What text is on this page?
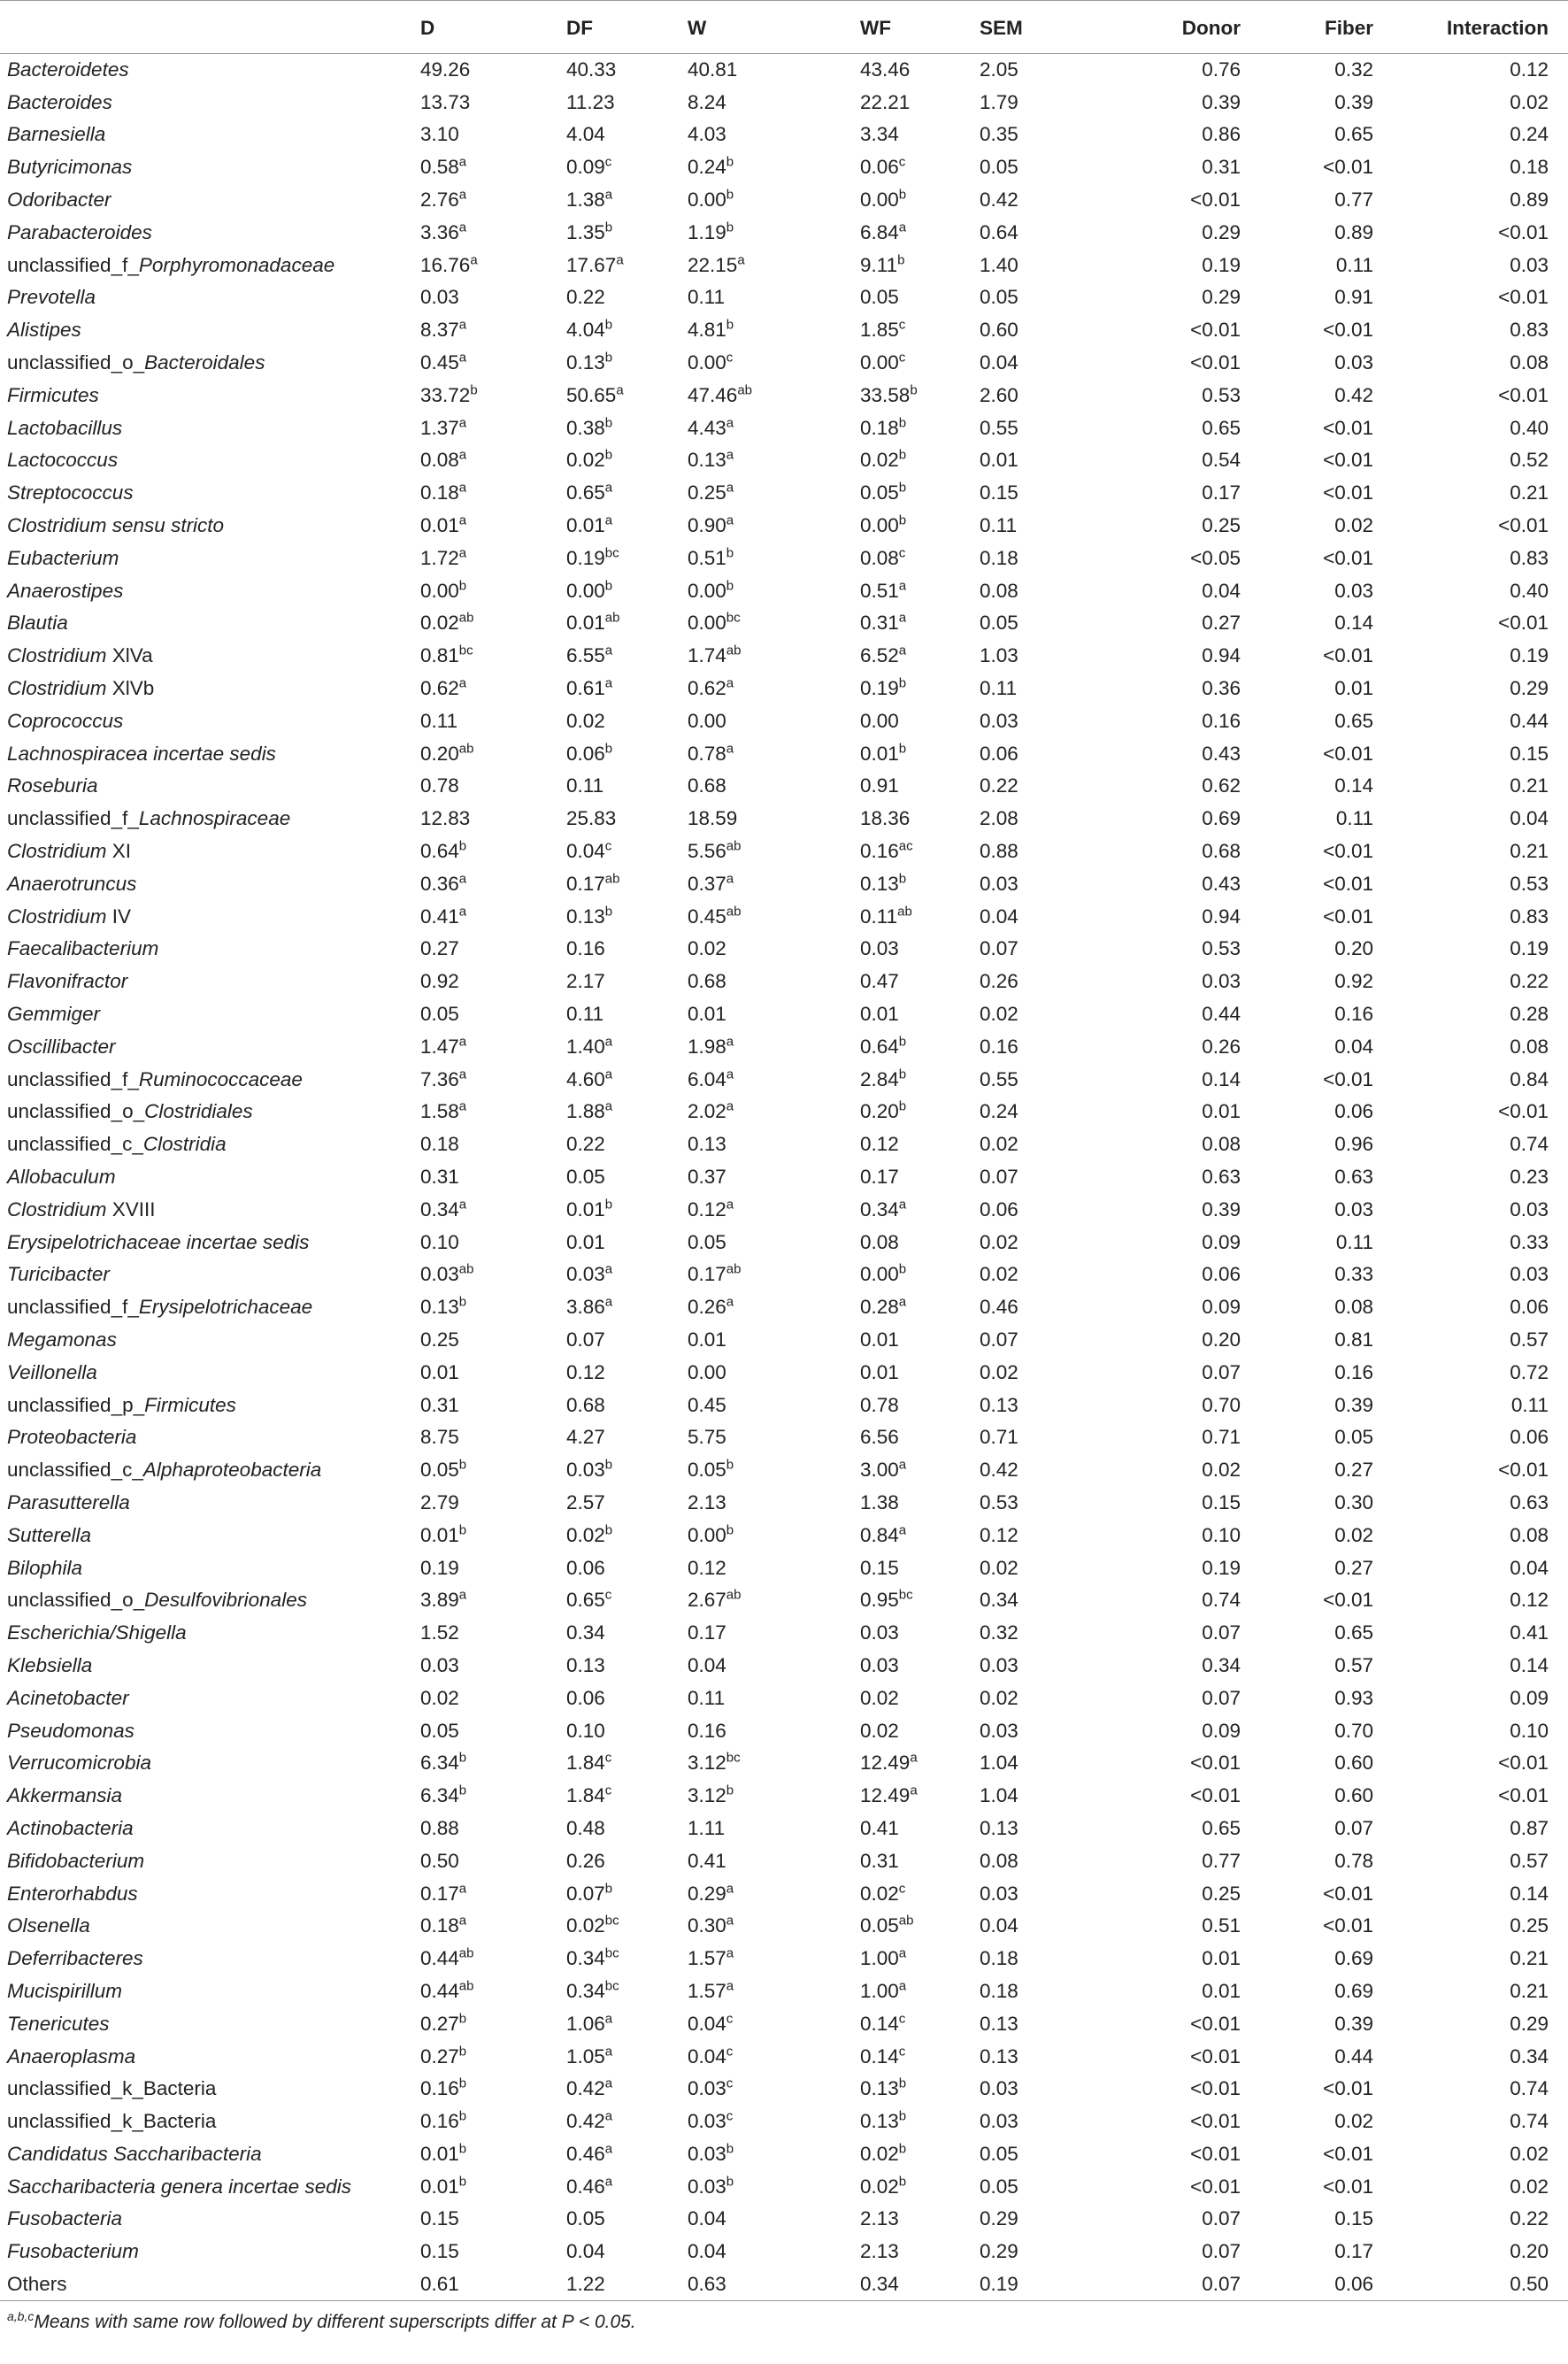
	D	DF	W	WF	SEM	Donor	Fiber	Interaction
Bacteroidetes	49.26	40.33	40.81	43.46	2.05	0.76	0.32	0.12
Bacteroides	13.73	11.23	8.24	22.21	1.79	0.39	0.39	0.02
Barnesiella	3.10	4.04	4.03	3.34	0.35	0.86	0.65	0.24
Butyricimonas	0.58$^a$	0.09$^c$	0.24$^b$	0.06$^c$	0.05	0.31	<0.01	0.18
Odoribacter	2.76$^a$	1.38$^a$	0.00$^b$	0.00$^b$	0.42	<0.01	0.77	0.89
Parabacteroides	3.36$^a$	1.35$^b$	1.19$^b$	6.84$^a$	0.64	0.29	0.89	<0.01
unclassified_f_Porphyromonadaceae	16.76$^a$	17.67$^a$	22.15$^a$	9.11$^b$	1.40	0.19	0.11	0.03
Prevotella	0.03	0.22	0.11	0.05	0.05	0.29	0.91	<0.01
Alistipes	8.37$^a$	4.04$^b$	4.81$^b$	1.85$^c$	0.60	<0.01	<0.01	0.83
unclassified_o_Bacteroidales	0.45$^a$	0.13$^b$	0.00$^c$	0.00$^c$	0.04	<0.01	0.03	0.08
Firmicutes	33.72$^b$	50.65$^a$	47.46$^{ab}$	33.58$^b$	2.60	0.53	0.42	<0.01
Lactobacillus	1.37$^a$	0.38$^b$	4.43$^a$	0.18$^b$	0.55	0.65	<0.01	0.40
Lactococcus	0.08$^a$	0.02$^b$	0.13$^a$	0.02$^b$	0.01	0.54	<0.01	0.52
Streptococcus	0.18$^a$	0.65$^a$	0.25$^a$	0.05$^b$	0.15	0.17	<0.01	0.21
Clostridium sensu stricto	0.01$^a$	0.01$^a$	0.90$^a$	0.00$^b$	0.11	0.25	0.02	<0.01
Eubacterium	1.72$^a$	0.19$^{bc}$	0.51$^b$	0.08$^c$	0.18	<0.05	<0.01	0.83
Anaerostipes	0.00$^b$	0.00$^b$	0.00$^b$	0.51$^a$	0.08	0.04	0.03	0.40
Blautia	0.02$^{ab}$	0.01$^{ab}$	0.00$^{bc}$	0.31$^a$	0.05	0.27	0.14	<0.01
Clostridium XlVa	0.81$^{bc}$	6.55$^a$	1.74$^{ab}$	6.52$^a$	1.03	0.94	<0.01	0.19
Clostridium XlVb	0.62$^a$	0.61$^a$	0.62$^a$	0.19$^b$	0.11	0.36	0.01	0.29
Coprococcus	0.11	0.02	0.00	0.00	0.03	0.16	0.65	0.44
Lachnospiracea incertae sedis	0.20$^{ab}$	0.06$^b$	0.78$^a$	0.01$^b$	0.06	0.43	<0.01	0.15
Roseburia	0.78	0.11	0.68	0.91	0.22	0.62	0.14	0.21
unclassified_f_Lachnospiraceae	12.83	25.83	18.59	18.36	2.08	0.69	0.11	0.04
Clostridium XI	0.64$^b$	0.04$^c$	5.56$^{ab}$	0.16$^{ac}$	0.88	0.68	<0.01	0.21
Anaerotruncus	0.36$^a$	0.17$^{ab}$	0.37$^a$	0.13$^b$	0.03	0.43	<0.01	0.53
Clostridium IV	0.41$^a$	0.13$^b$	0.45$^{ab}$	0.11$^{ab}$	0.04	0.94	<0.01	0.83
Faecalibacterium	0.27	0.16	0.02	0.03	0.07	0.53	0.20	0.19
Flavonifractor	0.92	2.17	0.68	0.47	0.26	0.03	0.92	0.22
Gemmiger	0.05	0.11	0.01	0.01	0.02	0.44	0.16	0.28
Oscillibacter	1.47$^a$	1.40$^a$	1.98$^a$	0.64$^b$	0.16	0.26	0.04	0.08
unclassified_f_Ruminococcaceae	7.36$^a$	4.60$^a$	6.04$^a$	2.84$^b$	0.55	0.14	<0.01	0.84
unclassified_o_Clostridiales	1.58$^a$	1.88$^a$	2.02$^a$	0.20$^b$	0.24	0.01	0.06	<0.01
unclassified_c_Clostridia	0.18	0.22	0.13	0.12	0.02	0.08	0.96	0.74
Allobaculum	0.31	0.05	0.37	0.17	0.07	0.63	0.63	0.23
Clostridium XVIII	0.34$^a$	0.01$^b$	0.12$^a$	0.34$^a$	0.06	0.39	0.03	0.03
Erysipelotrichaceae incertae sedis	0.10	0.01	0.05	0.08	0.02	0.09	0.11	0.33
Turicibacter	0.03$^{ab}$	0.03$^a$	0.17$^{ab}$	0.00$^b$	0.02	0.06	0.33	0.03
unclassified_f_Erysipelotrichaceae	0.13$^b$	3.86$^a$	0.26$^a$	0.28$^a$	0.46	0.09	0.08	0.06
Megamonas	0.25	0.07	0.01	0.01	0.07	0.20	0.81	0.57
Veillonella	0.01	0.12	0.00	0.01	0.02	0.07	0.16	0.72
unclassified_p_Firmicutes	0.31	0.68	0.45	0.78	0.13	0.70	0.39	0.11
Proteobacteria	8.75	4.27	5.75	6.56	0.71	0.71	0.05	0.06
unclassified_c_Alphaproteobacteria	0.05$^b$	0.03$^b$	0.05$^b$	3.00$^a$	0.42	0.02	0.27	<0.01
Parasutterella	2.79	2.57	2.13	1.38	0.53	0.15	0.30	0.63
Sutterella	0.01$^b$	0.02$^b$	0.00$^b$	0.84$^a$	0.12	0.10	0.02	0.08
Bilophila	0.19	0.06	0.12	0.15	0.02	0.19	0.27	0.04
unclassified_o_Desulfovibrionales	3.89$^a$	0.65$^c$	2.67$^{ab}$	0.95$^{bc}$	0.34	0.74	<0.01	0.12
Escherichia/Shigella	1.52	0.34	0.17	0.03	0.32	0.07	0.65	0.41
Klebsiella	0.03	0.13	0.04	0.03	0.03	0.34	0.57	0.14
Acinetobacter	0.02	0.06	0.11	0.02	0.02	0.07	0.93	0.09
Pseudomonas	0.05	0.10	0.16	0.02	0.03	0.09	0.70	0.10
Verrucomicrobia	6.34$^b$	1.84$^c$	3.12$^{bc}$	12.49$^a$	1.04	<0.01	0.60	<0.01
Akkermansia	6.34$^b$	1.84$^c$	3.12$^b$	12.49$^a$	1.04	<0.01	0.60	<0.01
Actinobacteria	0.88	0.48	1.11	0.41	0.13	0.65	0.07	0.87
Bifidobacterium	0.50	0.26	0.41	0.31	0.08	0.77	0.78	0.57
Enterorhabdus	0.17$^a$	0.07$^b$	0.29$^a$	0.02$^c$	0.03	0.25	<0.01	0.14
Olsenella	0.18$^a$	0.02$^{bc}$	0.30$^a$	0.05$^{ab}$	0.04	0.51	<0.01	0.25
Deferribacteres	0.44$^{ab}$	0.34$^{bc}$	1.57$^a$	1.00$^a$	0.18	0.01	0.69	0.21
Mucispirillum	0.44$^{ab}$	0.34$^{bc}$	1.57$^a$	1.00$^a$	0.18	0.01	0.69	0.21
Tenericutes	0.27$^b$	1.06$^a$	0.04$^c$	0.14$^c$	0.13	<0.01	0.39	0.29
Anaeroplasma	0.27$^b$	1.05$^a$	0.04$^c$	0.14$^c$	0.13	<0.01	0.44	0.34
unclassified_k_Bacteria	0.16$^b$	0.42$^a$	0.03$^c$	0.13$^b$	0.03	<0.01	<0.01	0.74
unclassified_k_Bacteria	0.16$^b$	0.42$^a$	0.03$^c$	0.13$^b$	0.03	<0.01	0.02	0.74
Candidatus Saccharibacteria	0.01$^b$	0.46$^a$	0.03$^b$	0.02$^b$	0.05	<0.01	<0.01	0.02
Saccharibacteria genera incertae sedis	0.01$^b$	0.46$^a$	0.03$^b$	0.02$^b$	0.05	<0.01	<0.01	0.02
Fusobacteria	0.15	0.05	0.04	2.13	0.29	0.07	0.15	0.22
Fusobacterium	0.15	0.04	0.04	2.13	0.29	0.07	0.17	0.20
Others	0.61	1.22	0.63	0.34	0.19	0.07	0.06	0.50
$^{a,b,c}$Means with same row followed by different superscripts differ at P < 0.05.
